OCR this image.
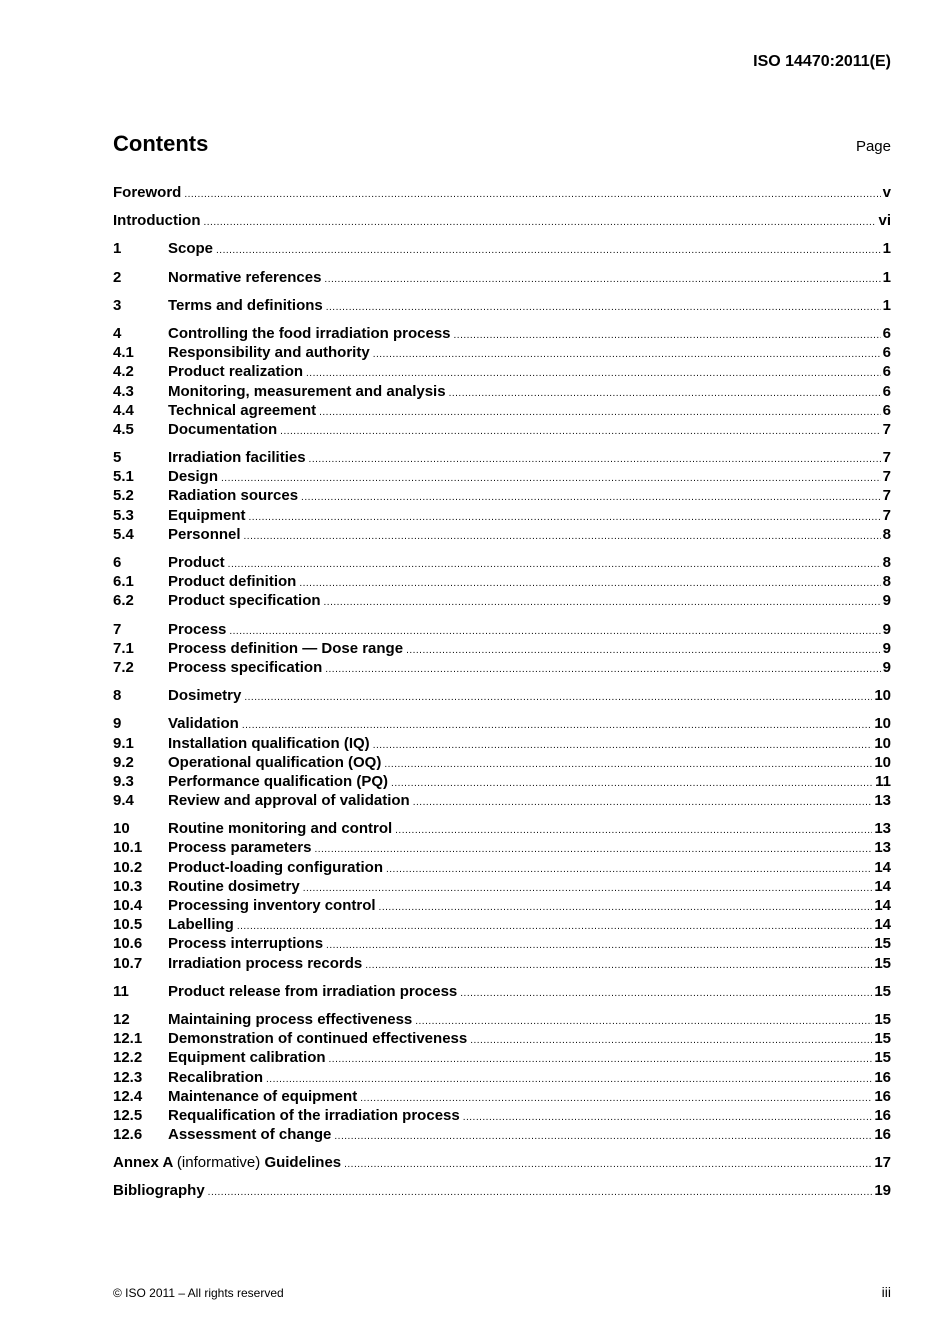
ISO 14470:2011(E)
Contents	Page
Foreword .....	v
Introduction .....	vi
1	Scope .....	1
2	Normative references .....	1
3	Terms and definitions .....	1
4	Controlling the food irradiation process .....	6
4.1	Responsibility and authority .....	6
4.2	Product realization .....	6
4.3	Monitoring, measurement and analysis .....	6
4.4	Technical agreement .....	6
4.5	Documentation .....	7
5	Irradiation facilities .....	7
5.1	Design .....	7
5.2	Radiation sources .....	7
5.3	Equipment .....	7
5.4	Personnel .....	8
6	Product .....	8
6.1	Product definition .....	8
6.2	Product specification .....	9
7	Process .....	9
7.1	Process definition — Dose range .....	9
7.2	Process specification .....	9
8	Dosimetry .....	10
9	Validation .....	10
9.1	Installation qualification (IQ) .....	10
9.2	Operational qualification (OQ) .....	10
9.3	Performance qualification (PQ) .....	11
9.4	Review and approval of validation .....	13
10	Routine monitoring and control .....	13
10.1	Process parameters .....	13
10.2	Product-loading configuration .....	14
10.3	Routine dosimetry .....	14
10.4	Processing inventory control .....	14
10.5	Labelling .....	14
10.6	Process interruptions .....	15
10.7	Irradiation process records .....	15
11	Product release from irradiation process .....	15
12	Maintaining process effectiveness .....	15
12.1	Demonstration of continued effectiveness .....	15
12.2	Equipment calibration .....	15
12.3	Recalibration .....	16
12.4	Maintenance of equipment .....	16
12.5	Requalification of the irradiation process .....	16
12.6	Assessment of change .....	16
Annex A (informative) Guidelines .....	17
Bibliography .....	19
© ISO 2011 – All rights reserved	iii
